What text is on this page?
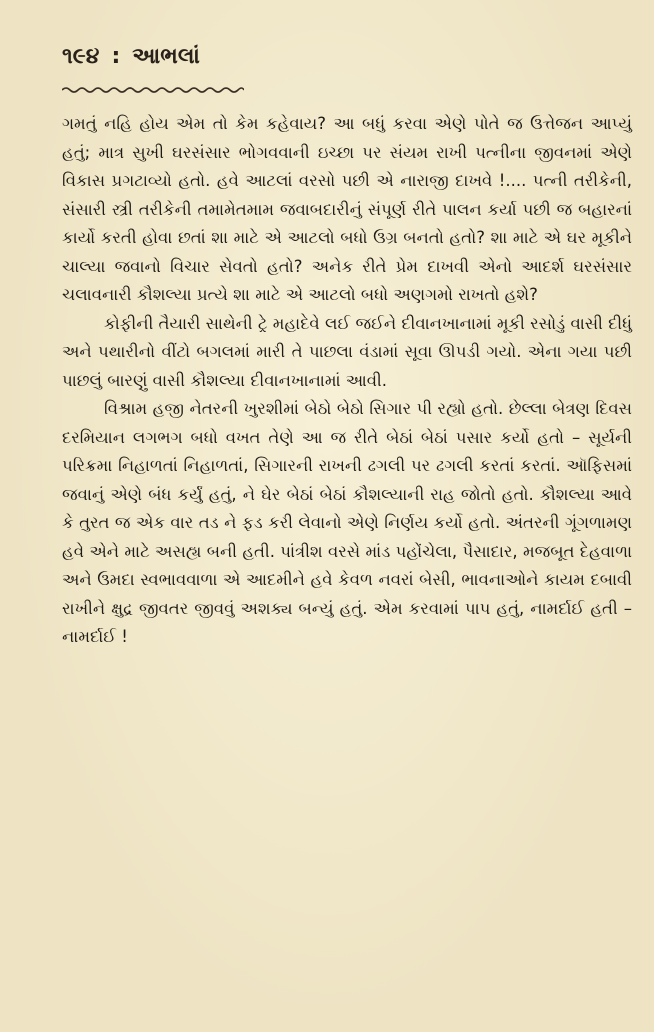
૧૯૪ : આભલાં

ગમતું નહિ હોય એમ તો કેમ કહેવાય? આ બધું કરવા એણે પોતે જ ઉત્તેજન આપ્યું હતું; માત્ર સુખી ઘરસંસાર ભોગવવાની ઇચ્છા પર સંયમ રાખી પત્નીના જીવનમાં એણે વિકાસ પ્રગટાવ્યો હતો. હવે આટલાં વરસો પછી એ નારાજી દાખવે !.... પત્ની તરીકેની, સંસારી સ્ત્રી તરીકેની તમામેતમામ જવાબદારીનું સંપૂર્ણ રીતે પાલન કર્યા પછી જ બહારનાં કાર્યો કરતી હોવા છતાં શા માટે એ આટલો બધો ઉગ્ર બનતો હતો? શા માટે એ ઘર મૂકીને ચાલ્યા જવાનો વિચાર સેવતો હતો? અનેક રીતે પ્રેમ દાખવી એનો આદર્શ ઘરસંસાર ચલાવનારી કૌશલ્યા પ્રત્યે શા માટે એ આટલો બધો અણગમો રાખતો હશે?

કોફીની તૈયારી સાથેની ટ્રે મહાદેવે લઈ જઈને દીવાનખાનામાં મૂકી રસોડું વાસી દીધું અને પથારીનો વીંટો બગલમાં મારી તે પાછલા વંડામાં સૂવા ઊપડી ગયો. એના ગયા પછી પાછલું બારણું વાસી કૌશલ્યા દીવાનખાનામાં આવી.

વિશ્રામ હજી નેતરની ખુરશીમાં બેઠો બેઠો સિગાર પી રહ્યો હતો. છેલ્લા બેત્રણ દિવસ દરમિયાન લગભગ બધો વખત તેણે આ જ રીતે બેઠાં બેઠાં પસાર કર્યો હતો – સૂર્યની પરિક્રમા નિહાળતાં નિહાળતાં, સિગારની રાખની ઢગલી પર ઢગલી કરતાં કરતાં. ઑફિસમાં જવાનું એણે બંધ કર્યું હતું, ને ઘેર બેઠાં બેઠાં કૌશલ્યાની રાહ જોતો હતો. કૌશલ્યા આવે કે તુરત જ એક વાર તડ ને ફડ કરી લેવાનો એણે નિર્ણય કર્યો હતો. અંતરની ગૂંગળામણ હવે એને માટે અસહ્ય બની હતી. પાંત્રીશ વરસે માંડ પહોંચેલા, પૈસાદાર, મજબૂત દેહવાળા અને ઉમદા સ્વભાવવાળા એ આદમીને હવે કેવળ નવરાં બેસી, ભાવનાઓને કાયમ દબાવી રાખીને ક્ષુદ્ર જીવતર જીવવું અશક્ય બન્યું હતું. એમ કરવામાં પાપ હતું, નામર્દાઈ હતી – નામર્દાઈ !
